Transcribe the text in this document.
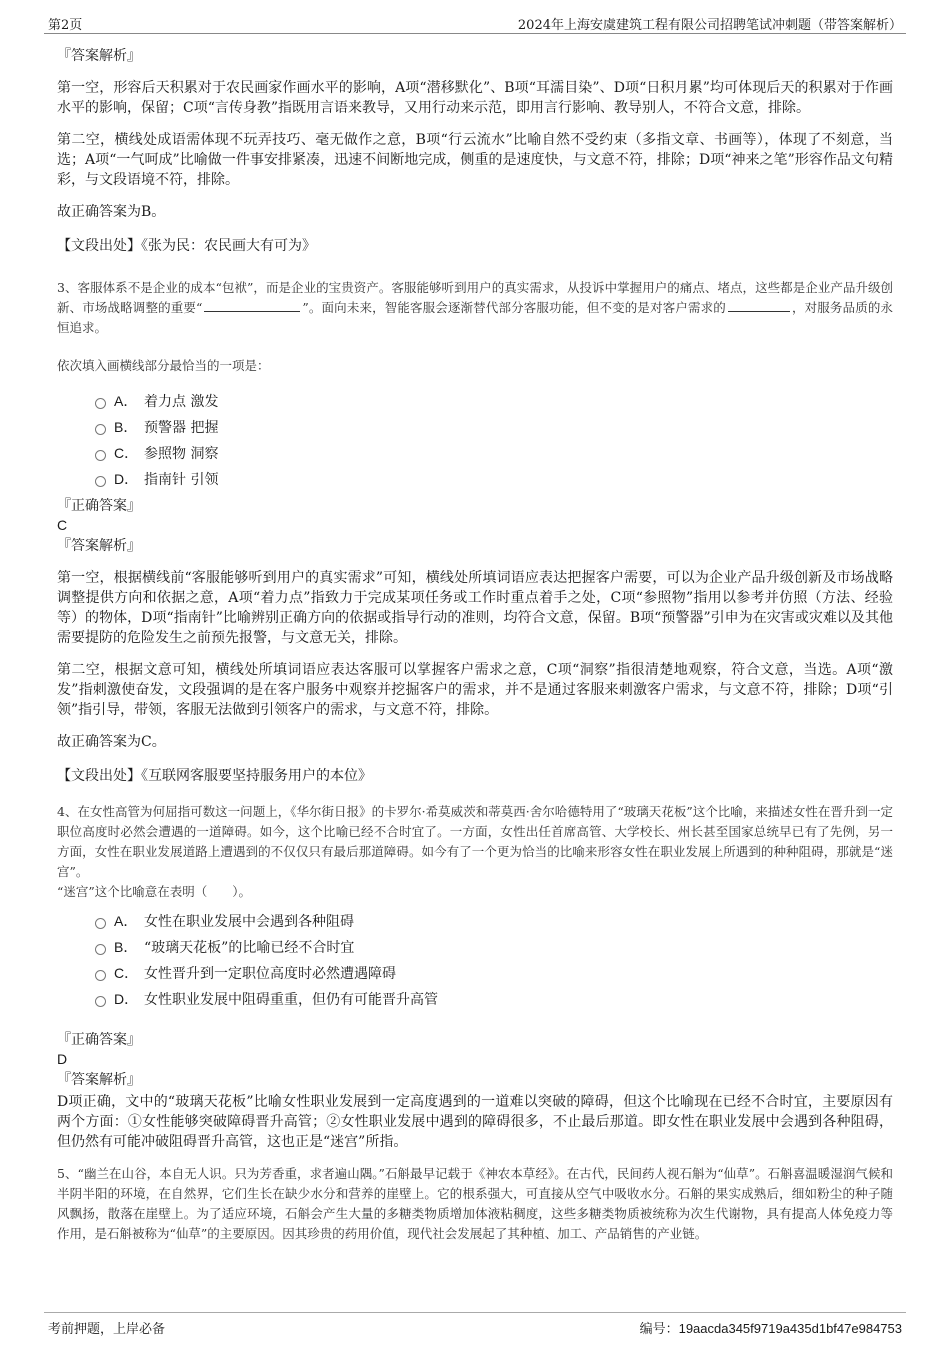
第2页	2024年上海安虞建筑工程有限公司招聘笔试冲刺题（带答案解析）
『答案解析』

第一空，形容后天积累对于农民画家作画水平的影响，A项“潜移默化”、B项“耳濡目染”、D项“日积月累”均可体现后天的积累对于作画水平的影响，保留；C项“言传身教”指既用言语来教导，又用行动来示范，即用言行影响、教导别人，不符合文意，排除。

第二空，横线处成语需体现不玩弄技巧、毫无做作之意，B项“行云流水”比喻自然不受约束（多指文章、书画等），体现了不刻意，当选；A项“一气呵成”比喻做一件事安排紧凑，迅速不间断地完成，侧重的是速度快，与文意不符，排除；D项“神来之笔”形容作品文句精彩，与文段语境不符，排除。

故正确答案为B。

【文段出处】《张为民：农民画大有可为》

3、客服体系不是企业的成本“包袱”，而是企业的宝贵资产。客服能够听到用户的真实需求，从投诉中掌握用户的痛点、堵点，这些都是企业产品升级创新、市场战略调整的重要“	”。面向未来，智能客服会逐渐替代部分客服功能，但不变的是对客户需求的	，对服务品质的永恒追求。

依次填入画横线部分最恰当的一项是：

A． 着力点 激发
B． 预警器 把握
C． 参照物 洞察
D． 指南针 引领
『正确答案』
C
『答案解析』

第一空，根据横线前“客服能够听到用户的真实需求”可知，横线处所填词语应表达把握客户需要，可以为企业产品升级创新及市场战略调整提供方向和依据之意，A项“着力点”指致力于完成某项任务或工作时重点着手之处，C项“参照物”指用以参考并仿照（方法、经验等）的物体，D项“指南针”比喻辨别正确方向的依据或指导行动的准则，均符合文意，保留。B项“预警器”引申为在灾害或灾难以及其他需要提防的危险发生之前预先报警，与文意无关，排除。

第二空，根据文意可知，横线处所填词语应表达客服可以掌握客户需求之意，C项“洞察”指很清楚地观察，符合文意，当选。A项“激发”指刺激使奋发，文段强调的是在客户服务中观察并挖掘客户的需求，并不是通过客服来刺激客户需求，与文意不符，排除；D项“引领”指引导，带领，客服无法做到引领客户的需求，与文意不符，排除。

故正确答案为C。

【文段出处】《互联网客服要坚持服务用户的本位》

4、在女性高管为何屈指可数这一问题上，《华尔街日报》的卡罗尔·希莫威茨和蒂莫西·舍尔哈德特用了“玻璃天花板”这个比喻，来描述女性在晋升到一定职位高度时必然会遭遇的一道障碍。如今，这个比喻已经不合时宜了。一方面，女性出任首席高管、大学校长、州长甚至国家总统早已有了先例，另一方面，女性在职业发展道路上遭遇到的不仅仅只有最后那道障碍。如今有了一个更为恰当的比喻来形容女性在职业发展上所遇到的种种阻碍，那就是“迷宫”。

“迷宫”这个比喻意在表明（　　）。

A． 女性在职业发展中会遇到各种阻碍
B． “玻璃天花板”的比喻已经不合时宜
C． 女性晋升到一定职位高度时必然遭遇障碍
D． 女性职业发展中阻碍重重，但仍有可能晋升高管
『正确答案』
D
『答案解析』

D项正确，文中的“玻璃天花板”比喻女性职业发展到一定高度遇到的一道难以突破的障碍，但这个比喻现在已经不合时宜，主要原因有两个方面：①女性能够突破障碍晋升高管；②女性职业发展中遇到的障碍很多，不止最后那道。即女性在职业发展中会遇到各种阻碍，但仍然有可能冲破阻碍晋升高管，这也正是“迷宫”所指。

5、“幽兰在山谷，本自无人识。只为芳香重，求者遍山隅。”石斛最早记载于《神农本草经》。在古代，民间药人视石斛为“仙草”。石斛喜温暖湿润气候和半阴半阳的环境，在自然界，它们生长在缺少水分和营养的崖壁上。它的根系强大，可直接从空气中吸收水分。石斛的果实成熟后，细如粉尘的种子随风飘扬，散落在崖壁上。为了适应环境，石斛会产生大量的多糖类物质增加体液粘稠度，这些多糖类物质被统称为次生代谢物，具有提高人体免疫力等作用，是石斛被称为“仙草”的主要原因。因其珍贵的药用价值，现代社会发展起了其种植、加工、产品销售的产业链。

考前押题，上岸必备	编号：19aacda345f9719a435d1bf47e984753
